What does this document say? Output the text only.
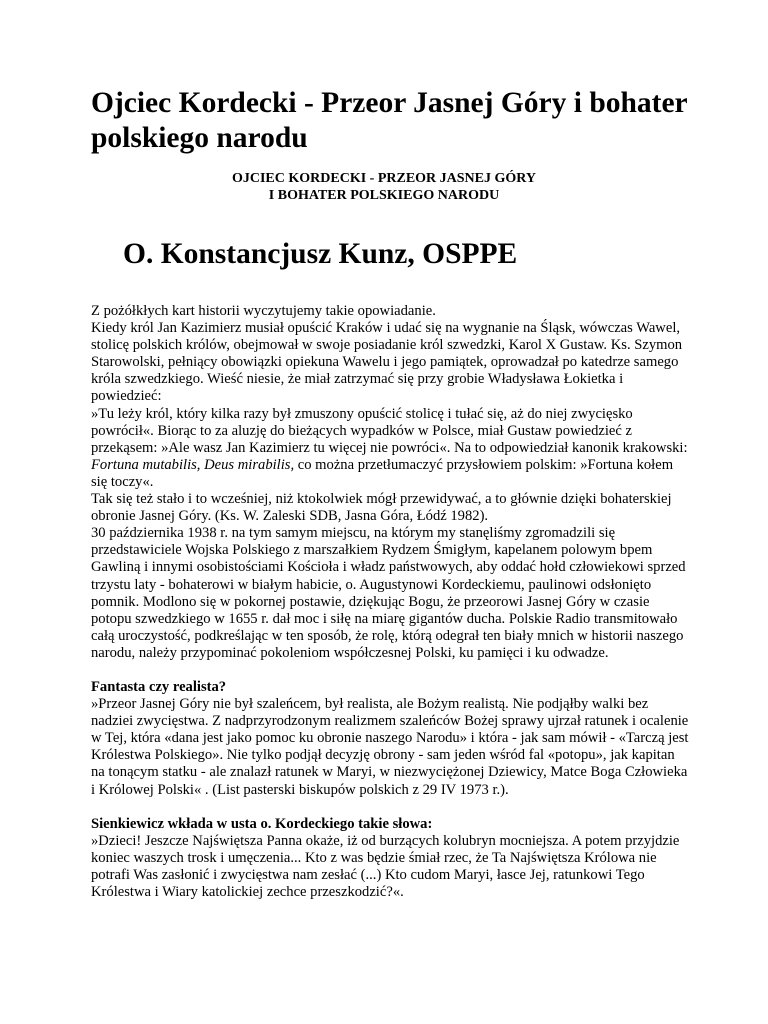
Ojciec Kordecki - Przeor Jasnej Góry i bohater polskiego narodu
OJCIEC KORDECKI - PRZEOR JASNEJ GÓRY
I BOHATER POLSKIEGO NARODU
O. Konstancjusz Kunz, OSPPE

Z pożółkłych kart historii wyczytujemy takie opowiadanie.

Kiedy król Jan Kazimierz musiał opuścić Kraków i udać się na wygnanie na Śląsk, wówczas Wawel, stolicę polskich królów, obejmował w swoje posiadanie król szwedzki, Karol X Gustaw. Ks. Szymon Starowolski, pełniący obowiązki opiekuna Wawelu i jego pamiątek, oprowadzał po katedrze samego króla szwedzkiego. Wieść niesie, że miał zatrzymać się przy grobie Władysława Łokietka i powiedzieć:

»Tu leży król, który kilka razy był zmuszony opuścić stolicę i tułać się, aż do niej zwycięsko powrócił«. Biorąc to za aluzję do bieżących wypadków w Polsce, miał Gustaw powiedzieć z przekąsem: »Ale wasz Jan Kazimierz tu więcej nie powróci«. Na to odpowiedział kanonik krakowski: Fortuna mutabilis, Deus mirabilis, co można przetłumaczyć przysłowiem polskim: »Fortuna kołem się toczy«.

Tak się też stało i to wcześniej, niż ktokolwiek mógł przewidywać, a to głównie dzięki bohaterskiej obronie Jasnej Góry. (Ks. W. Zaleski SDB, Jasna Góra, Łódź 1982).

30 października 1938 r. na tym samym miejscu, na którym my stanęliśmy zgromadzili się przedstawiciele Wojska Polskiego z marszałkiem Rydzem Śmigłym, kapelanem polowym bpem Gawliną i innymi osobistościami Kościoła i władz państwowych, aby oddać hołd człowiekowi sprzed trzystu laty - bohaterowi w białym habicie, o. Augustynowi Kordeckiemu, paulinowi odsłonięto pomnik. Modlono się w pokornej postawie, dziękując Bogu, że przeorowi Jasnej Góry w czasie potopu szwedzkiego w 1655 r. dał moc i siłę na miarę gigantów ducha. Polskie Radio transmitowało całą uroczystość, podkreślając w ten sposób, że rolę, którą odegrał ten biały mnich w historii naszego narodu, należy przypominać pokoleniom współczesnej Polski, ku pamięci i ku odwadze.

Fantasta czy realista?

»Przeor Jasnej Góry nie był szaleńcem, był realista, ale Bożym realistą. Nie podjąłby walki bez nadziei zwycięstwa. Z nadprzyrodzonym realizmem szaleńców Bożej sprawy ujrzał ratunek i ocalenie w Tej, która «dana jest jako pomoc ku obronie naszego Narodu» i która - jak sam mówił - «Tarczą jest Królestwa Polskiego». Nie tylko podjął decyzję obrony - sam jeden wśród fal «potopu», jak kapitan na tonącym statku - ale znalazł ratunek w Maryi, w niezwyciężonej Dziewicy, Matce Boga Człowieka i Królowej Polski« . (List pasterski biskupów polskich z 29 IV 1973 r.).

Sienkiewicz wkłada w usta o. Kordeckiego takie słowa:

»Dzieci! Jeszcze Najświętsza Panna okaże, iż od burzących kolubryn mocniejsza. A potem przyjdzie koniec waszych trosk i umęczenia... Kto z was będzie śmiał rzec, że Ta Najświętsza Królowa nie potrafi Was zasłonić i zwycięstwa nam zesłać (...) Kto cudom Maryi, łasce Jej, ratunkowi Tego Królestwa i Wiary katolickiej zechce przeszkodzić?«.
